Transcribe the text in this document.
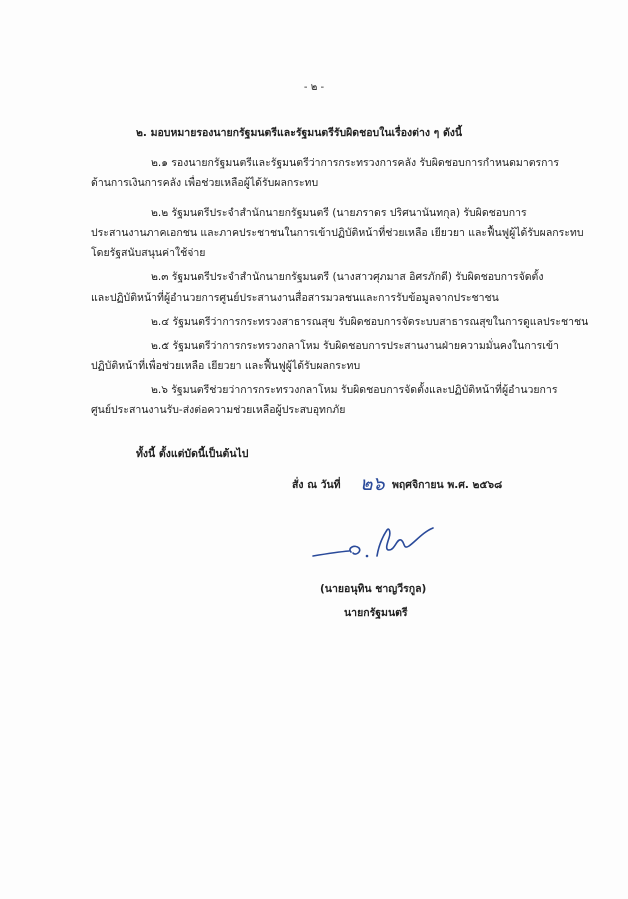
- ๒ -
๒. มอบหมายรองนายกรัฐมนตรีและรัฐมนตรีรับผิดชอบในเรื่องต่าง ๆ ดังนี้
๒.๑ รองนายกรัฐมนตรีและรัฐมนตรีว่าการกระทรวงการคลัง รับผิดชอบการกำหนดมาตรการ
ด้านการเงินการคลัง เพื่อช่วยเหลือผู้ได้รับผลกระทบ
๒.๒ รัฐมนตรีประจำสำนักนายกรัฐมนตรี (นายภราดร ปริศนานันทกุล) รับผิดชอบการ
ประสานงานภาคเอกชน และภาคประชาชนในการเข้าปฏิบัติหน้าที่ช่วยเหลือ เยียวยา และฟื้นฟูผู้ได้รับผลกระทบ
โดยรัฐสนับสนุนค่าใช้จ่าย
๒.๓ รัฐมนตรีประจำสำนักนายกรัฐมนตรี (นางสาวศุภมาส อิศรภักดี) รับผิดชอบการจัดตั้ง
และปฏิบัติหน้าที่ผู้อำนวยการศูนย์ประสานงานสื่อสารมวลชนและการรับข้อมูลจากประชาชน
๒.๔ รัฐมนตรีว่าการกระทรวงสาธารณสุข รับผิดชอบการจัดระบบสาธารณสุขในการดูแลประชาชน
๒.๕ รัฐมนตรีว่าการกระทรวงกลาโหม รับผิดชอบการประสานงานฝ่ายความมั่นคงในการเข้า
ปฏิบัติหน้าที่เพื่อช่วยเหลือ เยียวยา และฟื้นฟูผู้ได้รับผลกระทบ
๒.๖ รัฐมนตรีช่วยว่าการกระทรวงกลาโหม รับผิดชอบการจัดตั้งและปฏิบัติหน้าที่ผู้อำนวยการ
ศูนย์ประสานงานรับ-ส่งต่อความช่วยเหลือผู้ประสบอุทกภัย
ทั้งนี้ ตั้งแต่บัดนี้เป็นต้นไป
สั่ง ณ วันที่ ๒๖ พฤศจิกายน พ.ศ. ๒๕๖๘
(นายอนุทิน ชาญวีรกูล)
นายกรัฐมนตรี
